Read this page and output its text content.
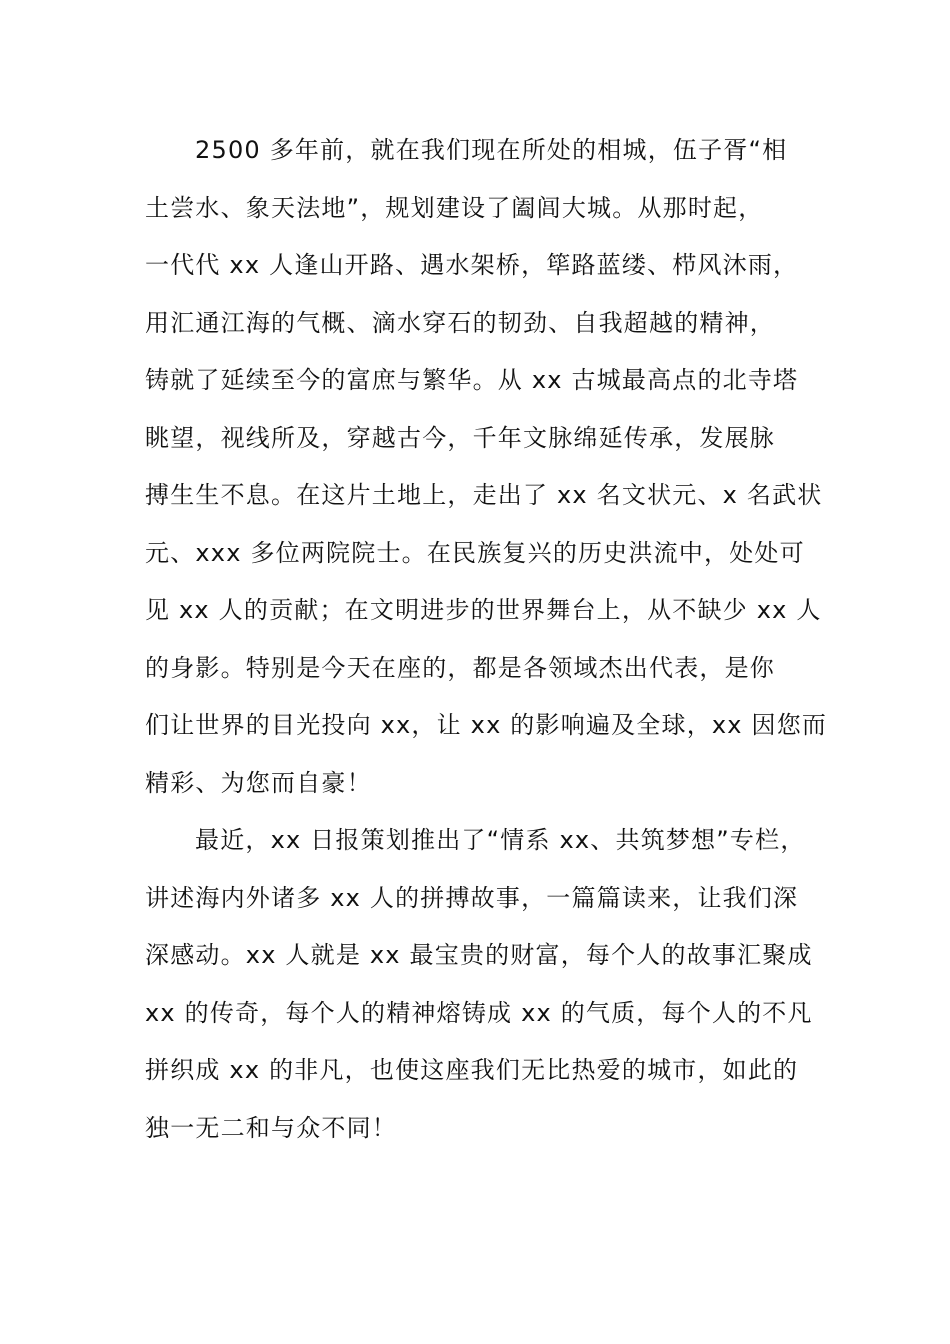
2500 多年前，就在我们现在所处的相城，伍子胥“相
土尝水、象天法地”，规划建设了阖闾大城。从那时起，
一代代 xx 人逢山开路、遇水架桥，筚路蓝缕、栉风沐雨，
用汇通江海的气概、滴水穿石的韧劲、自我超越的精神，
铸就了延续至今的富庶与繁华。从 xx 古城最高点的北寺塔
眺望，视线所及，穿越古今，千年文脉绵延传承，发展脉
搏生生不息。在这片土地上，走出了 xx 名文状元、x 名武状
元、xxx 多位两院院士。在民族复兴的历史洪流中，处处可
见 xx 人的贡献；在文明进步的世界舞台上，从不缺少 xx 人
的身影。特别是今天在座的，都是各领域杰出代表，是你
们让世界的目光投向 xx，让 xx 的影响遍及全球，xx 因您而
精彩、为您而自豪！
最近，xx 日报策划推出了“情系 xx、共筑梦想”专栏，
讲述海内外诸多 xx 人的拼搏故事，一篇篇读来，让我们深
深感动。xx 人就是 xx 最宝贵的财富，每个人的故事汇聚成
xx 的传奇，每个人的精神熔铸成 xx 的气质，每个人的不凡
拼织成 xx 的非凡，也使这座我们无比热爱的城市，如此的
独一无二和与众不同！
